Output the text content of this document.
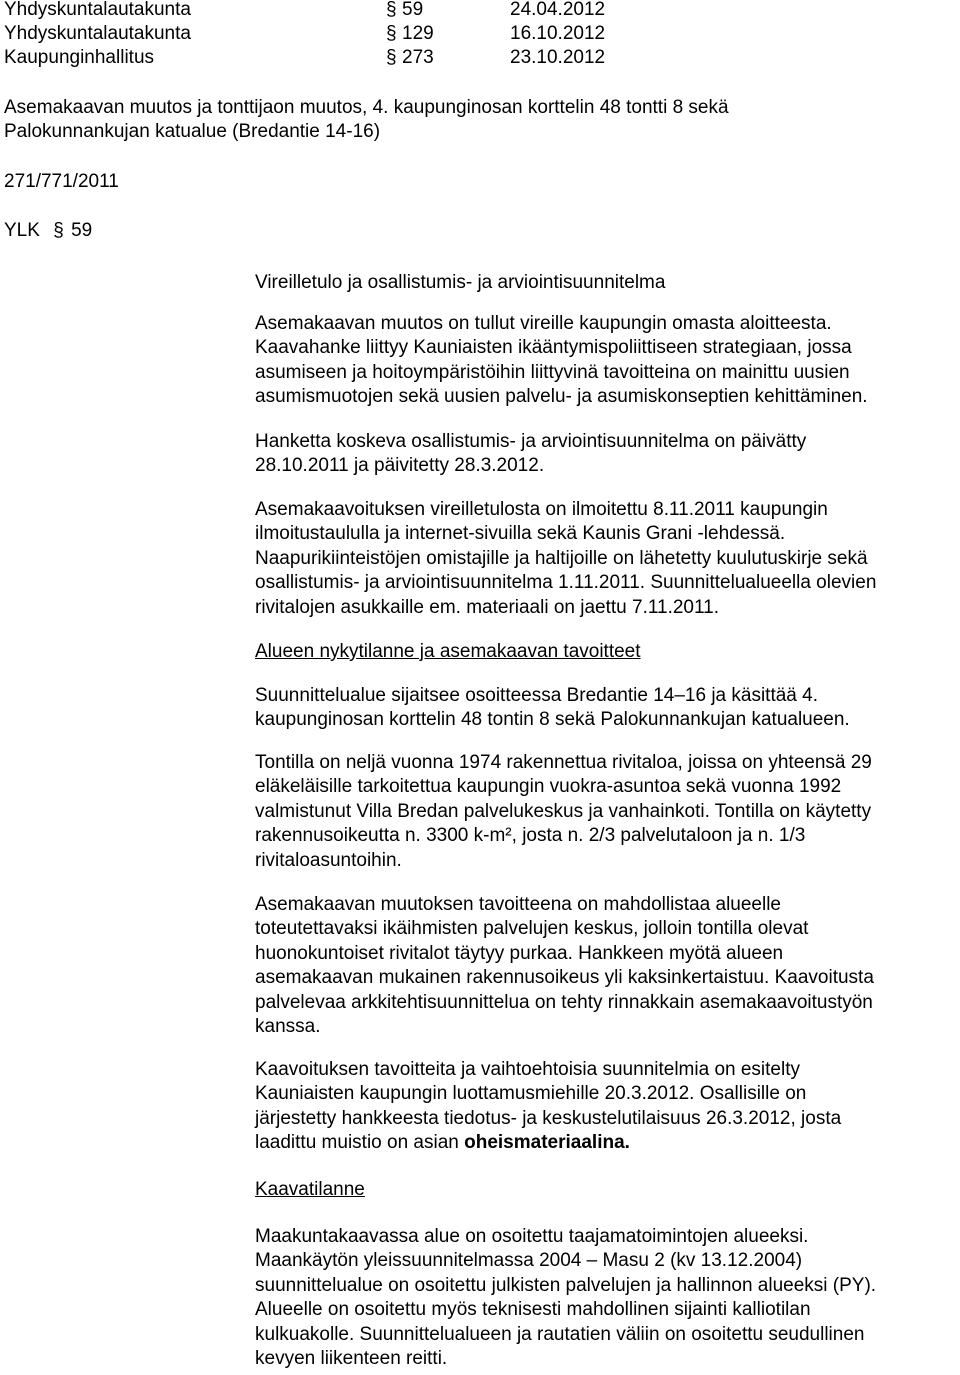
Yhdyskuntalautakunta	§ 59	24.04.2012
Yhdyskuntalautakunta	§ 129	16.10.2012
Kaupunginhallitus	§ 273	23.10.2012
Asemakaavan muutos ja tonttijaon muutos, 4. kaupunginosan korttelin 48 tontti 8 sekä
Palokunnankujan katualue (Bredantie 14-16)
271/771/2011
YLK § 59
Vireilletulo ja osallistumis- ja arviointisuunnitelma

Asemakaavan muutos on tullut vireille kaupungin omasta aloitteesta.

Kaavahanke liittyy Kauniaisten ikääntymispoliittiseen strategiaan, jossa

asumiseen ja hoitoympäristöihin liittyvinä tavoitteina on mainittu uusien

asumismuotojen sekä uusien palvelu- ja asumiskonseptien kehittäminen.

Hanketta koskeva osallistumis- ja arviointisuunnitelma on päivätty

28.10.2011 ja päivitetty 28.3.2012.

Asemakaavoituksen vireilletulosta on ilmoitettu 8.11.2011 kaupungin

ilmoitustaululla ja internet-sivuilla sekä Kaunis Grani -lehdessä.

Naapurikiinteistöjen omistajille ja haltijoille on lähetetty kuulutuskirje sekä

osallistumis- ja arviointisuunnitelma 1.11.2011. Suunnittelualueella olevien

rivitalojen asukkaille em. materiaali on jaettu 7.11.2011.

Alueen nykytilanne ja asemakaavan tavoitteet

Suunnittelualue sijaitsee osoitteessa Bredantie 14–16 ja käsittää 4.

kaupunginosan korttelin 48 tontin 8 sekä Palokunnankujan katualueen.

Tontilla on neljä vuonna 1974 rakennettua rivitaloa, joissa on yhteensä 29

eläkeläisille tarkoitettua kaupungin vuokra-asuntoa sekä vuonna 1992

valmistunut Villa Bredan palvelukeskus ja vanhainkoti. Tontilla on käytetty

rakennusoikeutta n. 3300 k-m², josta n. 2/3 palvelutaloon ja n. 1/3

rivitaloasuntoihin.

Asemakaavan muutoksen tavoitteena on mahdollistaa alueelle

toteutettavaksi ikäihmisten palvelujen keskus, jolloin tontilla olevat

huonokuntoiset rivitalot täytyy purkaa. Hankkeen myötä alueen

asemakaavan mukainen rakennusoikeus yli kaksinkertaistuu. Kaavoitusta

palvelevaa arkkitehtisuunnittelua on tehty rinnakkain asemakaavoitustyön

kanssa.

Kaavoituksen tavoitteita ja vaihtoehtoisia suunnitelmia on esitelty

Kauniaisten kaupungin luottamusmiehille 20.3.2012. Osallisille on

järjestetty hankkeesta tiedotus- ja keskustelutilaisuus 26.3.2012, josta

laadittu muistio on asian oheismateriaalina.

Kaavatilanne

Maakuntakaavassa alue on osoitettu taajamatoimintojen alueeksi.

Maankäytön yleissuunnitelmassa 2004 – Masu 2 (kv 13.12.2004)

suunnittelualue on osoitettu julkisten palvelujen ja hallinnon alueeksi (PY).

Alueelle on osoitettu myös teknisesti mahdollinen sijainti kalliotilan

kulkuakolle. Suunnittelualueen ja rautatien väliin on osoitettu seudullinen

kevyen liikenteen reitti.
